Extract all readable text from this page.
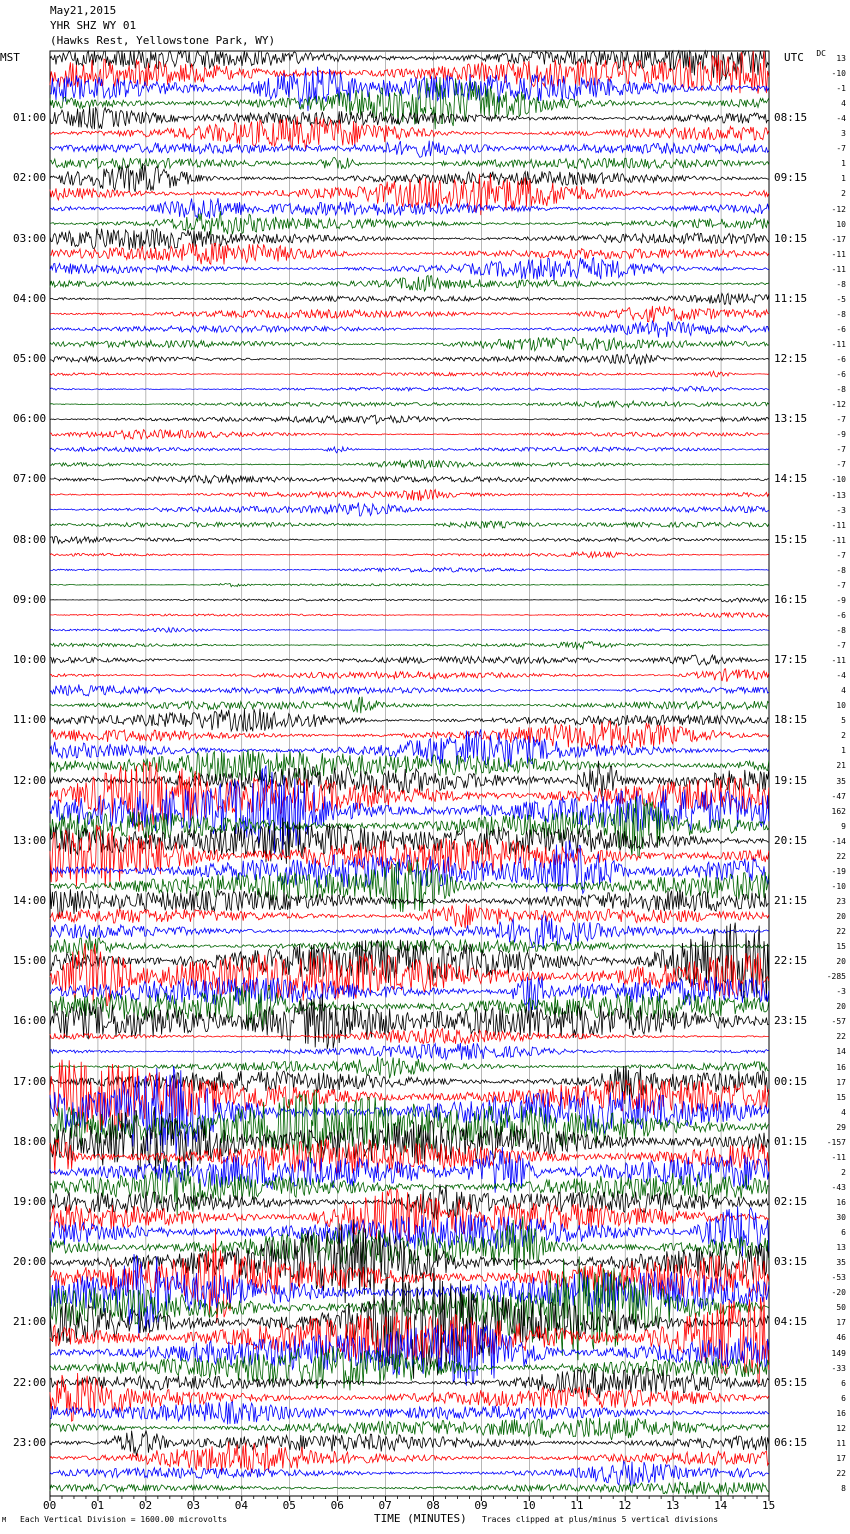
May21,2015
YHR SHZ WY 01
(Hawks Rest, Yellowstone Park, WY)
MST	UTC	DC
01:00
02:00
03:00
04:00
05:00
06:00
07:00
08:00
09:00
10:00
11:00
12:00
13:00
14:00
15:00
16:00
17:00
18:00
19:00
20:00
21:00
22:00
23:00
08:15
09:15
10:15
11:15
12:15
13:15
14:15
15:15
16:15
17:15
18:15
19:15
20:15
21:15
22:15
23:15
00:15
01:15
02:15
03:15
04:15
05:15
06:15
13
-10
-1
4
-4
3
-7
1
1
2
-12
10
-17
-11
-11
-8
-5
-8
-6
-11
-6
-6
-8
-12
-7
-9
-7
-7
-10
-13
-3
-11
-11
-7
-8
-7
-9
-6
-8
-7
-11
-4
4
10
5
2
1
21
35
-47
162
9
-14
22
-19
-10
23
20
22
15
20
-285
-3
20
-57
22
14
16
17
15
4
29
-157
-11
2
-43
16
30
6
13
35
-53
-20
50
17
46
149
-33
6
6
16
12
11
17
22
8
00	01	02	03	04	05	06	07	08	09	10	11	12	13	14	15
M Each Vertical Division = 1600.00 microvolts	TIME (MINUTES) Traces clipped at plus/minus 5 vertical divisions
